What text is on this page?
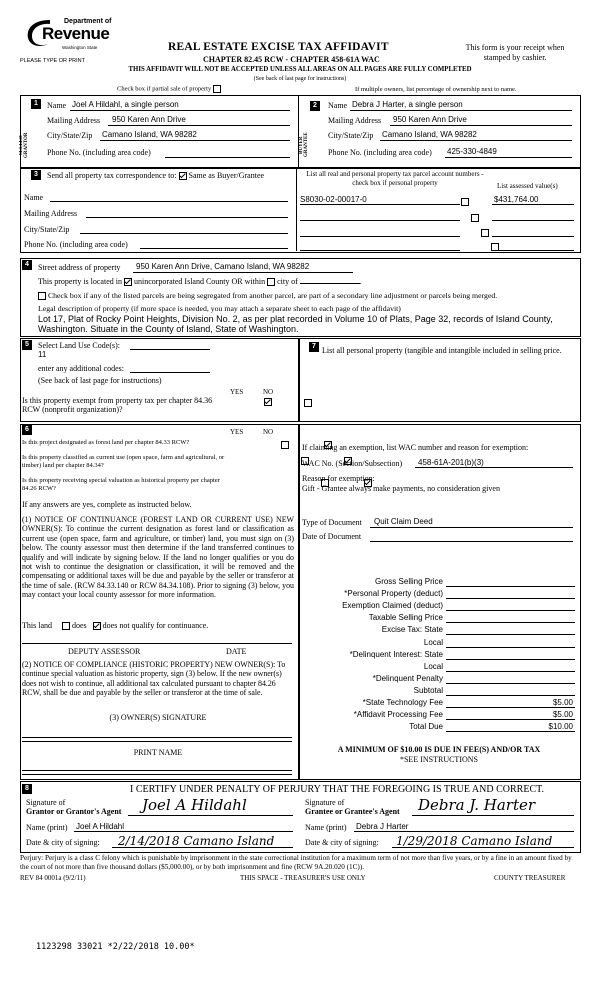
Department of
Revenue
Washington State
PLEASE TYPE OR PRINT
REAL ESTATE EXCISE TAX AFFIDAVIT
CHAPTER 82.45 RCW - CHAPTER 458-61A WAC
This form is your receipt when stamped by cashier.
THIS AFFIDAVIT WILL NOT BE ACCEPTED UNLESS ALL AREAS ON ALL PAGES ARE FULLY COMPLETED
(See back of last page for instructions)
Check box if partial sale of property	If multiple owners, list percentage of ownership next to name.
1
SELLER GRANTOR
Name Joel A Hildahl, a single person
Mailing Address 950 Karen Ann Drive
City/State/Zip Camano Island, WA 98282
Phone No. (including area code)
2
BUYER GRANTEE
Name Debra J Harter, a single person
Mailing Address 950 Karen Ann Drive
City/State/Zip Camano Island, WA 98282
Phone No. (including area code) 425-330-4849
3	Send all property tax correspondence to: Same as Buyer/Grantee
Name
Mailing Address
City/State/Zip
Phone No. (including area code)
List all real and personal property tax parcel account numbers - check box if personal property	List assessed value(s)
S8030-02-00017-0	$431,764.00

4	Street address of property 950 Karen Ann Drive, Camano Island, WA 98282
This property is located in unincorporated Island County OR within city of	.
Check box if any of the listed parcels are being segregated from another parcel, are part of a secondary line adjustment or parcels being merged.
Legal description of property (if more space is needed, you may attach a separate sheet to each page of the affidavit)
Lot 17, Plat of Rocky Point Heights, Division No. 2, as per plat recorded in Volume 10 of Plats, Page 32, records of Island County, Washington. Situate in the County of Island, State of Washington.
5	Select Land Use Code(s):
11
enter any additional codes:
(See back of last page for instructions)
YES	NO
Is this property exempt from property tax per chapter 84.36 RCW (nonprofit organization)?

7 List all personal property (tangible and intangible included in selling price.
6	YES	NO
Is this project designated as forest land per chapter 84.33 RCW?

Is this property classified as current use (open space, farm and agricultural, or timber) land per chapter 84.34?

Is this property receiving special valuation as historical property per chapter 84.26 RCW?

If any answers are yes, complete as instructed below.
(1) NOTICE OF CONTINUANCE (FOREST LAND OR CURRENT USE) NEW OWNER(S): To continue the current designation as forest land or classification as current use (open space, farm and agriculture, or timber) land, you must sign on (3) below. The county assessor must then determine if the land transferred continues to qualify and will indicate by signing below. If the land no longer qualifies or you do not wish to continue the designation or classification, it will be removed and the compensating or additional taxes will be due and payable by the seller or transferor at the time of sale. (RCW 84.33.140 or RCW 84.34.108). Prior to signing (3) below, you may contact your local county assessor for more information.
This land	does does not qualify for continuance.
DEPUTY ASSESSOR	DATE
(2) NOTICE OF COMPLIANCE (HISTORIC PROPERTY) NEW OWNER(S): To continue special valuation as historic property, sign (3) below. If the new owner(s) does not wish to continue, all additional tax calculated pursuant to chapter 84.26 RCW, shall be due and payable by the seller or transferor at the time of sale.
(3) OWNER(S) SIGNATURE
PRINT NAME
If claiming an exemption, list WAC number and reason for exemption:
WAC No. (Section/Subsection) 458-61A-201(b)(3)
Reason for exemption:
Gift - Grantee always make payments, no consideration given
Type of Document Quit Claim Deed
Date of Document
Gross Selling Price
*Personal Property (deduct)
Exemption Claimed (deduct)
Taxable Selling Price
Excise Tax: State
Local
*Delinquent Interest: State
Local
*Delinquent Penalty
Subtotal
*State Technology Fee	$5.00
*Affidavit Processing Fee	$5.00
Total Due	$10.00
A MINIMUM OF $10.00 IS DUE IN FEE(S) AND/OR TAX
*SEE INSTRUCTIONS
8	I CERTIFY UNDER PENALTY OF PERJURY THAT THE FOREGOING IS TRUE AND CORRECT.
Signature of
Grantor or Grantor's Agent Joel A Hildahl
Name (print) Joel A Hildahl
Date & city of signing: 2/14/2018 Camano Island
Signature of
Grantee or Grantee's Agent Debra J. Harter
Name (print) Debra J Harter
Date & city of signing: 1/29/2018 Camano Island
Perjury: Perjury is a class C felony which is punishable by imprisonment in the state correctional institution for a maximum term of not more than five years, or by a fine in an amount fixed by the court of not more than five thousand dollars ($5,000.00), or by both imprisonment and fine (RCW 9A.20.020 (1C)).
REV 84 0001a (9/2/11)	THIS SPACE - TREASURER'S USE ONLY	COUNTY TREASURER
1123298 33021 *2/22/2018 10.00*
